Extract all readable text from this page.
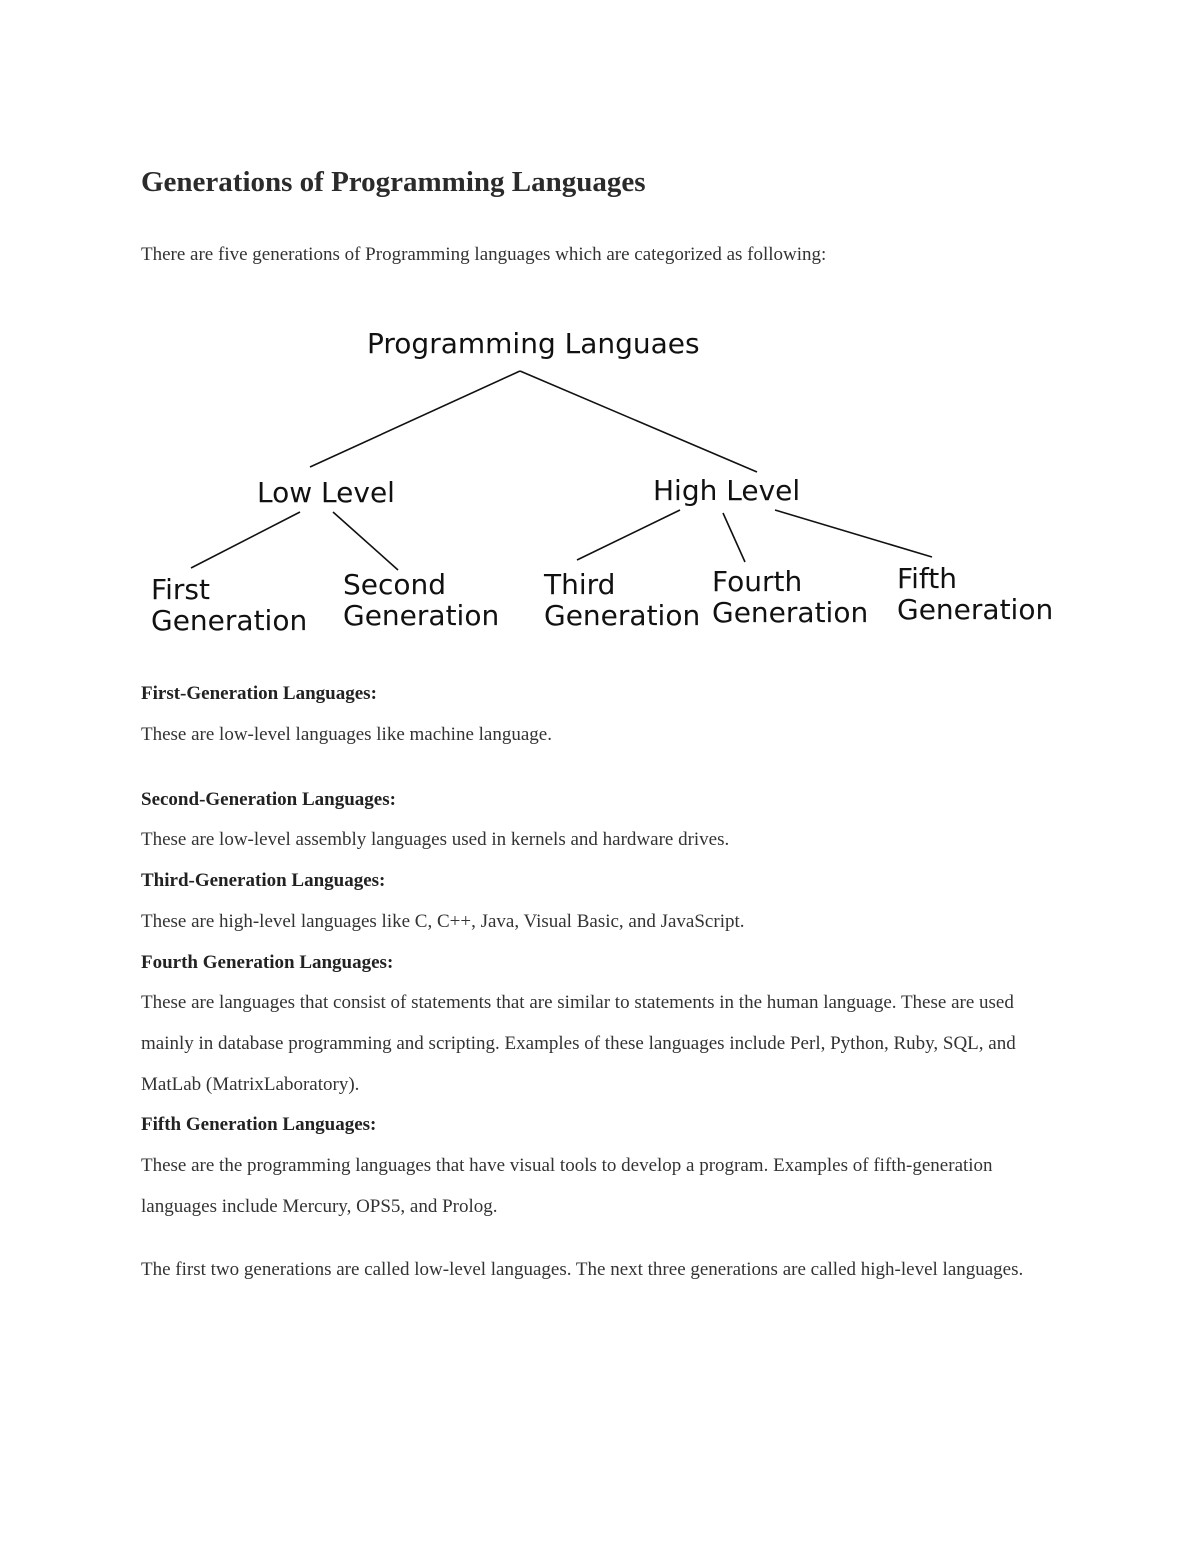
Generations of Programming Languages

There are five generations of Programming languages which are categorized as following:

Programming Languaes
Low Level	High Level
First
Generation
Second
Generation
Third
Generation
Fourth
Generation
Fifth
Generation
First-Generation Languages:
These are low-level languages like machine language.
Second-Generation Languages:
These are low-level assembly languages used in kernels and hardware drives.
Third-Generation Languages:
These are high-level languages like C, C++, Java, Visual Basic, and JavaScript.
Fourth Generation Languages:
These are languages that consist of statements that are similar to statements in the human language. These are used mainly in database programming and scripting. Examples of these languages include Perl, Python, Ruby, SQL, and MatLab (MatrixLaboratory).
Fifth Generation Languages:
These are the programming languages that have visual tools to develop a program. Examples of fifth-generation languages include Mercury, OPS5, and Prolog.
The first two generations are called low-level languages. The next three generations are called high-level languages.
